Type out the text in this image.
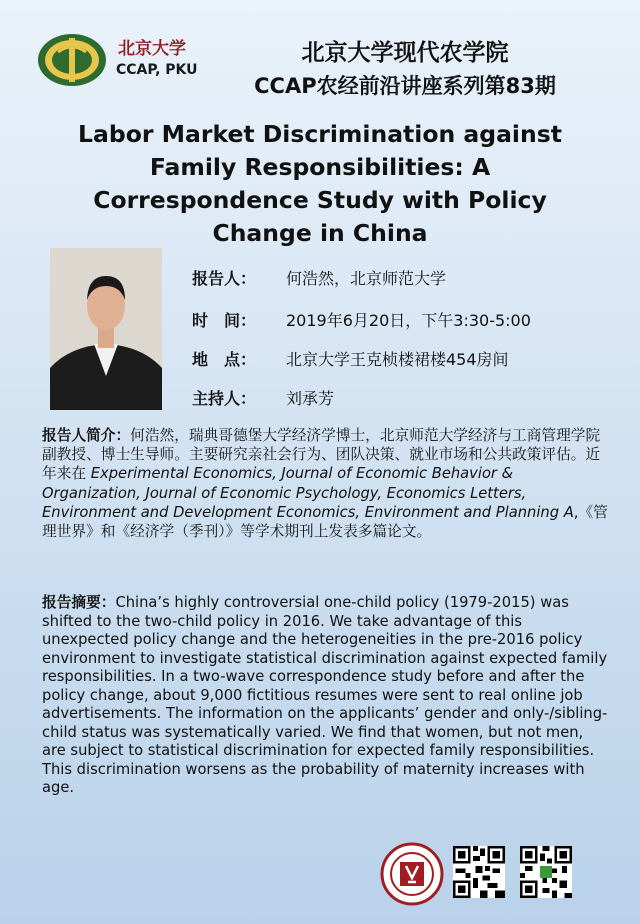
北京大学
CCAP, PKU
北京大学现代农学院
CCAP农经前沿讲座系列第83期
Labor Market Discrimination against
Family Responsibilities: A
Correspondence Study with Policy
Change in China
报告人： 何浩然，北京师范大学
时　间： 2019年6月20日，下午3:30-5:00
地　点： 北京大学王克桢楼裙楼454房间
主持人： 刘承芳
报告人简介：何浩然，瑞典哥德堡大学经济学博士，北京师范大学经济与工商管理学院副教授、博士生导师。主要研究亲社会行为、团队决策、就业市场和公共政策评估。近年来在 Experimental Economics, Journal of Economic Behavior & Organization, Journal of Economic Psychology, Economics Letters, Environment and Development Economics, Environment and Planning A,《管理世界》和《经济学（季刊）》等学术期刊上发表多篇论文。
报告摘要：China’s highly controversial one-child policy (1979-2015) was shifted to the two-child policy in 2016. We take advantage of this unexpected policy change and the heterogeneities in the pre-2016 policy environment to investigate statistical discrimination against expected family responsibilities. In a two-wave correspondence study before and after the policy change, about 9,000 fictitious resumes were sent to real online job advertisements. The information on the applicants’ gender and only-/sibling-child status was systematically varied. We find that women, but not men, are subject to statistical discrimination for expected family responsibilities. This discrimination worsens as the probability of maternity increases with age.
